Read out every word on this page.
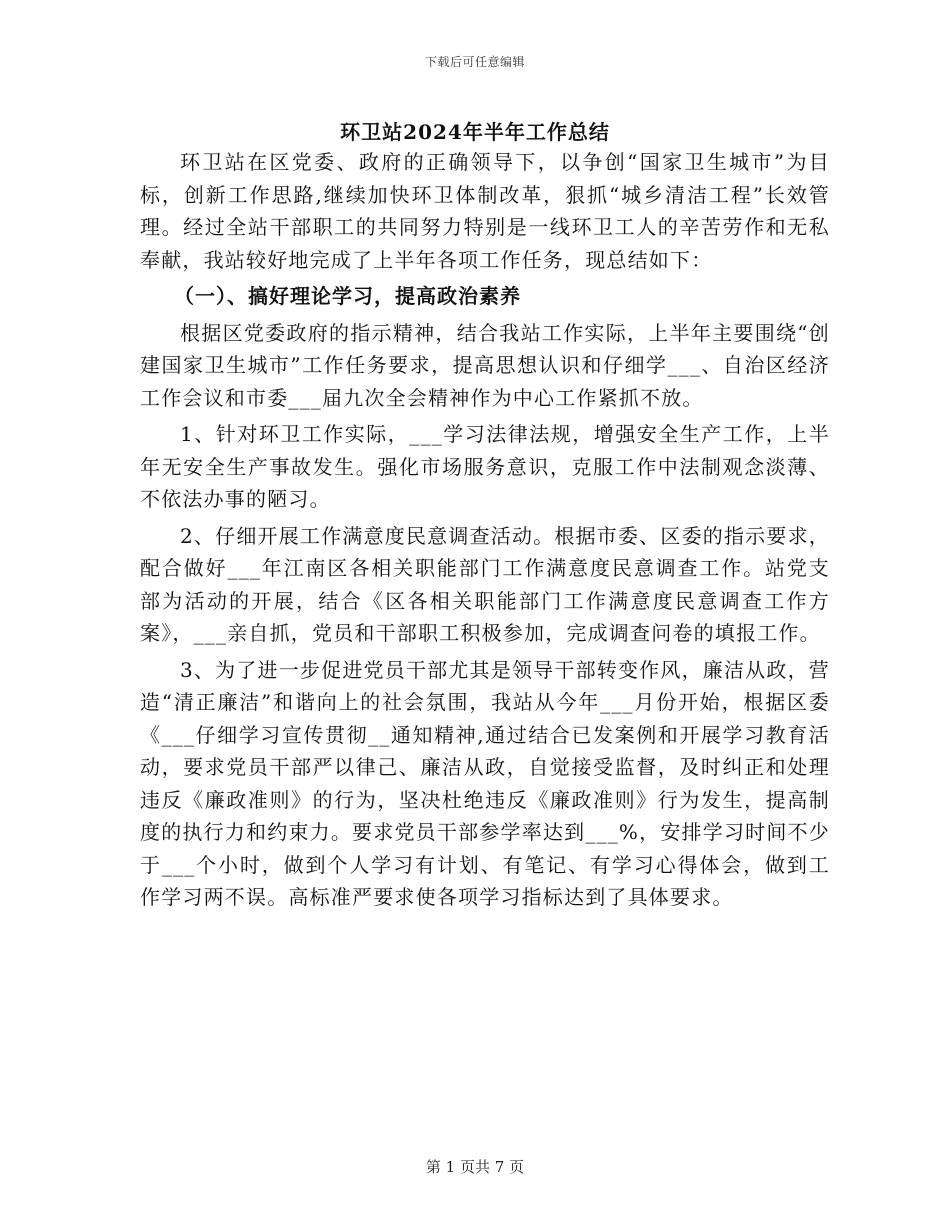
下载后可任意编辑
环卫站2024年半年工作总结

环卫站在区党委、政府的正确领导下，以争创“国家卫生城市”为目标，创新工作思路,继续加快环卫体制改革，狠抓“城乡清洁工程”长效管理。经过全站干部职工的共同努力特别是一线环卫工人的辛苦劳作和无私奉献，我站较好地完成了上半年各项工作任务，现总结如下：

（一）、搞好理论学习，提高政治素养

根据区党委政府的指示精神，结合我站工作实际，上半年主要围绕“创建国家卫生城市”工作任务要求，提高思想认识和仔细学___、自治区经济工作会议和市委___届九次全会精神作为中心工作紧抓不放。

1、针对环卫工作实际，___学习法律法规，增强安全生产工作，上半年无安全生产事故发生。强化市场服务意识，克服工作中法制观念淡薄、不依法办事的陋习。

2、仔细开展工作满意度民意调查活动。根据市委、区委的指示要求，配合做好___年江南区各相关职能部门工作满意度民意调查工作。站党支部为活动的开展，结合《区各相关职能部门工作满意度民意调查工作方案》，___亲自抓，党员和干部职工积极参加，完成调查问卷的填报工作。

3、为了进一步促进党员干部尤其是领导干部转变作风，廉洁从政，营造“清正廉洁”和谐向上的社会氛围，我站从今年___月份开始，根据区委《___仔细学习宣传贯彻__通知精神,通过结合已发案例和开展学习教育活动，要求党员干部严以律己、廉洁从政，自觉接受监督，及时纠正和处理违反《廉政准则》的行为，坚决杜绝违反《廉政准则》行为发生，提高制度的执行力和约束力。要求党员干部参学率达到___%，安排学习时间不少于___个小时，做到个人学习有计划、有笔记、有学习心得体会，做到工作学习两不误。高标准严要求使各项学习指标达到了具体要求。

第 1 页共 7 页
